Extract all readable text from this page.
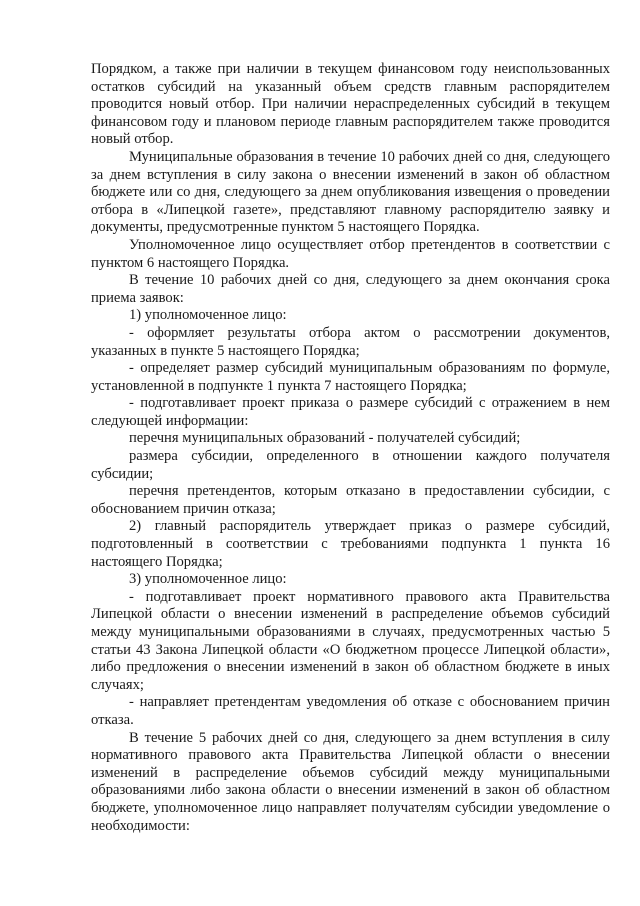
Порядком, а также при наличии в текущем финансовом году неиспользованных остатков субсидий на указанный объем средств главным распорядителем проводится новый отбор. При наличии нераспределенных субсидий в текущем финансовом году и плановом периоде главным распорядителем также проводится новый отбор.

Муниципальные образования в течение 10 рабочих дней со дня, следующего за днем вступления в силу закона о внесении изменений в закон об областном бюджете или со дня, следующего за днем опубликования извещения о проведении отбора в «Липецкой газете», представляют главному распорядителю заявку и документы, предусмотренные пунктом 5 настоящего Порядка.

Уполномоченное лицо осуществляет отбор претендентов в соответствии с пунктом 6 настоящего Порядка.

В течение 10 рабочих дней со дня, следующего за днем окончания срока приема заявок:

1) уполномоченное лицо:

- оформляет результаты отбора актом о рассмотрении документов, указанных в пункте 5 настоящего Порядка;

- определяет размер субсидий муниципальным образованиям по формуле, установленной в подпункте 1 пункта 7 настоящего Порядка;

- подготавливает проект приказа о размере субсидий с отражением в нем следующей информации:

перечня муниципальных образований - получателей субсидий;

размера субсидии, определенного в отношении каждого получателя субсидии;

перечня претендентов, которым отказано в предоставлении субсидии, с обоснованием причин отказа;

2) главный распорядитель утверждает приказ о размере субсидий, подготовленный в соответствии с требованиями подпункта 1 пункта 16 настоящего Порядка;

3) уполномоченное лицо:

- подготавливает проект нормативного правового акта Правительства Липецкой области о внесении изменений в распределение объемов субсидий между муниципальными образованиями в случаях, предусмотренных частью 5 статьи 43 Закона Липецкой области «О бюджетном процессе Липецкой области», либо предложения о внесении изменений в закон об областном бюджете в иных случаях;

- направляет претендентам уведомления об отказе с обоснованием причин отказа.

В течение 5 рабочих дней со дня, следующего за днем вступления в силу нормативного правового акта Правительства Липецкой области о внесении изменений в распределение объемов субсидий между муниципальными образованиями либо закона области о внесении изменений в закон об областном бюджете, уполномоченное лицо направляет получателям субсидии уведомление о необходимости:
